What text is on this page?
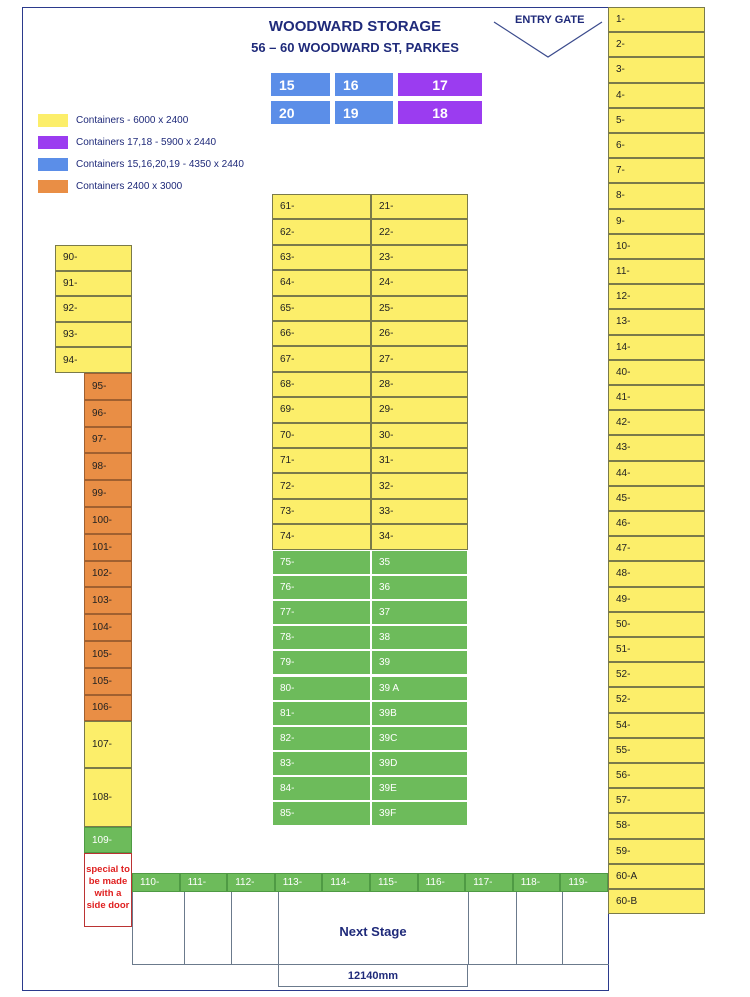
WOODWARD STORAGE
56 – 60 WOODWARD ST, PARKES
ENTRY GATE
15	16	17
20	19	18
Containers - 6000 x 2400
Containers 17,18 - 5900 x 2440
Containers 15,16,20,19 - 4350 x 2440
Containers 2400 x 3000
special to be made with a side door
Next Stage
12140mm
1-
2-
3-
4-
5-
6-
7-
8-
9-
10-
11-
12-
13-
14-
40-
41-
42-
43-
44-
45-
46-
47-
48-
49-
50-
51-
52-
52-
54-
55-
56-
57-
58-
59-
60-A
60-B
61-
62-
63-
64-
65-
66-
67-
68-
69-
70-
71-
72-
73-
74-
21-
22-
23-
24-
25-
26-
27-
28-
29-
30-
31-
32-
33-
34-
75-
76-
77-
78-
79-
80-
81-
82-
83-
84-
85-
35
36
37
38
39
39 A
39B
39C
39D
39E
39F
90-
91-
92-
93-
94-
95-
96-
97-
98-
99-
100-
101-
102-
103-
104-
105-
105-
106-
107-
108-
109-
110-	111-	112-	113-	114-	115-	116-	117-	118-	119-
